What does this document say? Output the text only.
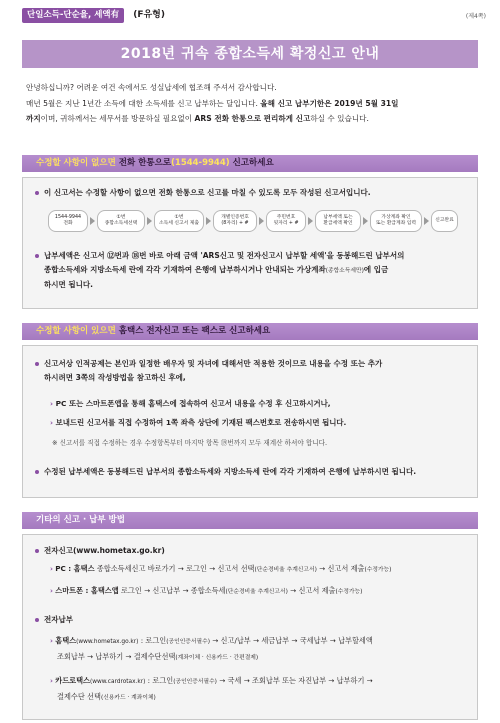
단일소득-단순율, 세액有 (F유형)	(제4쪽)
2018년 귀속 종합소득세 확정신고 안내

안녕하십니까? 어려운 여건 속에서도 성실납세에 협조해 주셔서 감사합니다.

매년 5월은 지난 1년간 소득에 대한 소득세를 신고 납부하는 달입니다. 올해 신고 납부기한은 2019년 5월 31일

까지이며, 귀하께서는 세무서를 방문하실 필요없이 ARS 전화 한통으로 편리하게 신고하실 수 있습니다.

수정할 사항이 없으면 전화 한통으로(1544-9944) 신고하세요
이 신고서는 수정할 사항이 없으면 전화 한통으로 신고를 마칠 수 있도록 모두 작성된 신고서입니다.
1544-9944
전화
①번
종합소득세선택
①번
소득세 신고서 제출
개별인증번호
(8자리) + #
주민번호
뒷자리 + #
납부세액 또는
환급세액 확인
가상계좌 확인
또는 환급계좌 입력
신고완료
납부세액은 신고서 ⑫번과 ⑱번 바로 아래 금액 'ARS신고 및 전자신고시 납부할 세액'을 동봉해드린 납부서의
종합소득세와 지방소득세 란에 각각 기재하여 은행에 납부하시거나 안내되는 가상계좌(종합소득세만)에 입금
하시면 됩니다.
수정할 사항이 있으면 홈택스 전자신고 또는 팩스로 신고하세요
신고서상 인적공제는 본인과 일정한 배우자 및 자녀에 대해서만 적용한 것이므로 내용을 수정 또는 추가
하시려면 3쪽의 작성방법을 참고하신 후에,
› PC 또는 스마트폰앱을 통해 홈택스에 접속하여 신고서 내용을 수정 후 신고하시거나,
› 보내드린 신고서를 직접 수정하여 1쪽 좌측 상단에 기재된 팩스번호로 전송하시면 됩니다.
※ 신고서를 직접 수정하는 경우 수정항목부터 마지막 항목 ⑲번까지 모두 재계산 하셔야 합니다.
수정된 납부세액은 동봉해드린 납부서의 종합소득세와 지방소득세 란에 각각 기재하여 은행에 납부하시면 됩니다.
기타의 신고 · 납부 방법
전자신고(www.hometax.go.kr)
› PC : 홈택스 종합소득세신고 바로가기 → 로그인 → 신고서 선택(단순경비율 추계신고서) → 신고서 제출(수정가능)
› 스마트폰 : 홈택스앱 로그인 → 신고납부 → 종합소득세(단순경비율 추계신고서) → 신고서 제출(수정가능)
전자납부
› 홈택스(www.hometax.go.kr) : 로그인(공인인증서필수) → 신고/납부 → 세금납부 → 국세납부 → 납부할세액
조회납부 → 납부하기 → 결제수단선택(계좌이체 · 신용카드 · 간편결제)
› 카드로택스(www.cardrotax.kr) : 로그인(공인인증서필수) → 국세 → 조회납부 또는 자진납부 → 납부하기 →
결제수단 선택(신용카드 · 계좌이체)
